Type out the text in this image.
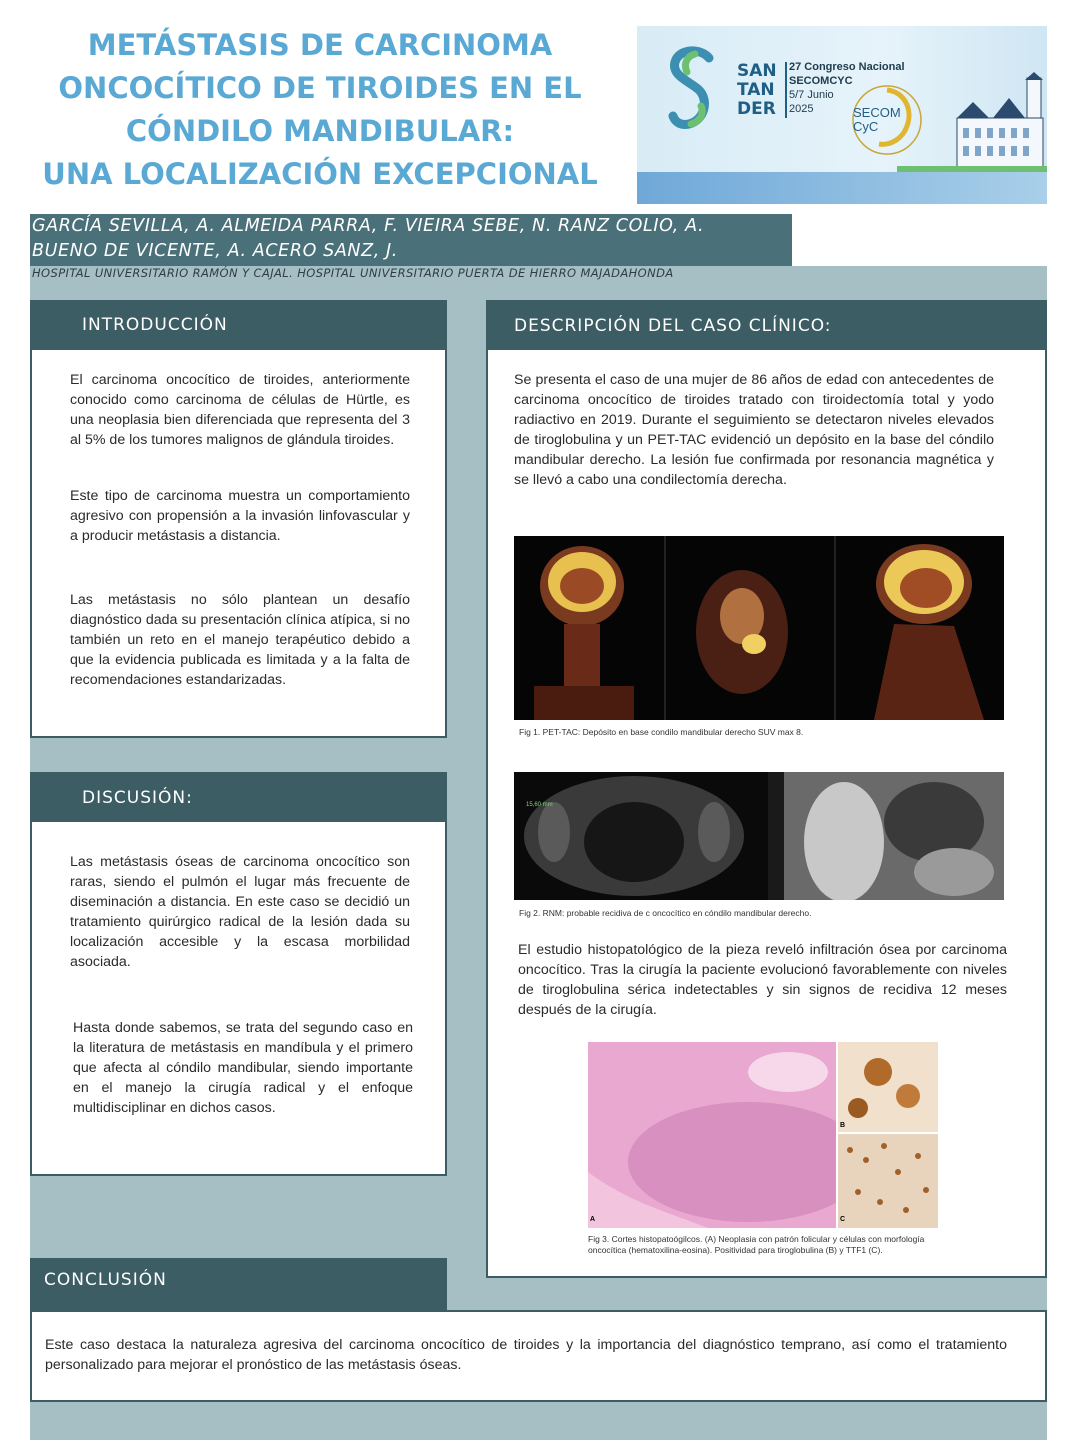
METÁSTASIS DE CARCINOMA
ONCOCÍTICO DE TIROIDES EN EL
CÓNDILO MANDIBULAR:
UNA LOCALIZACIÓN EXCEPCIONAL
SAN
TAN
DER
27 Congreso Nacional
SECOMCYC
5/7 Junio
2025	SECOM CyC
GARCÍA SEVILLA, A. ALMEIDA PARRA, F. VIEIRA SEBE, N. RANZ COLIO, A.
BUENO DE VICENTE, A. ACERO SANZ, J.
HOSPITAL UNIVERSITARIO RAMÓN Y CAJAL. HOSPITAL UNIVERSITARIO PUERTA DE HIERRO MAJADAHONDA
INTRODUCCIÓN
El carcinoma oncocítico de tiroides, anteriormente conocido como carcinoma de células de Hürtle, es una neoplasia bien diferenciada que representa del 3 al 5% de los tumores malignos de glándula tiroides.
Este tipo de carcinoma muestra un comportamiento agresivo con propensión a la invasión linfovascular y a producir metástasis a distancia.
Las metástasis no sólo plantean un desafío diagnóstico dada su presentación clínica atípica, si no también un reto en el manejo terapéutico debido a que la evidencia publicada es limitada y a la falta de recomendaciones estandarizadas.
DISCUSIÓN:
Las metástasis óseas de carcinoma oncocítico son raras, siendo el pulmón el lugar más frecuente de diseminación a distancia. En este caso se decidió un tratamiento quirúrgico radical de la lesión dada su localización accesible y la escasa morbilidad asociada.
Hasta donde sabemos, se trata del segundo caso en la literatura de metástasis en mandíbula y el primero que afecta al cóndilo mandibular, siendo importante en el manejo la cirugía radical y el enfoque multidisciplinar en dichos casos.
DESCRIPCIÓN DEL CASO CLÍNICO:
Se presenta el caso de una mujer de 86 años de edad con antecedentes de carcinoma oncocítico de tiroides tratado con tiroidectomía total y yodo radiactivo en 2019. Durante el seguimiento se detectaron niveles elevados de tiroglobulina y un PET-TAC evidenció un depósito en la base del cóndilo mandibular derecho. La lesión fue confirmada por resonancia magnética y se llevó a cabo una condilectomía derecha.
Fig 1. PET-TAC: Depósito en base condilo mandibular derecho SUV max 8.
15,60 mm
Fig 2. RNM: probable recidiva de c oncocítico en cóndilo mandibular derecho.
El estudio histopatológico de la pieza reveló infiltración ósea por carcinoma oncocítico. Tras la cirugía la paciente evolucionó favorablemente con niveles de tiroglobulina sérica indetectables y sin signos de recidiva 12 meses después de la cirugía.
A
B
C
Fig 3. Cortes histopatoógilcos. (A) Neoplasia con patrón folicular y células con morfología oncocítica (hematoxilina-eosina). Positividad para tiroglobulina (B) y TTF1 (C).
CONCLUSIÓN
Este caso destaca la naturaleza agresiva del carcinoma oncocítico de tiroides y la importancia del diagnóstico temprano, así como el tratamiento personalizado para mejorar el pronóstico de las metástasis óseas.
